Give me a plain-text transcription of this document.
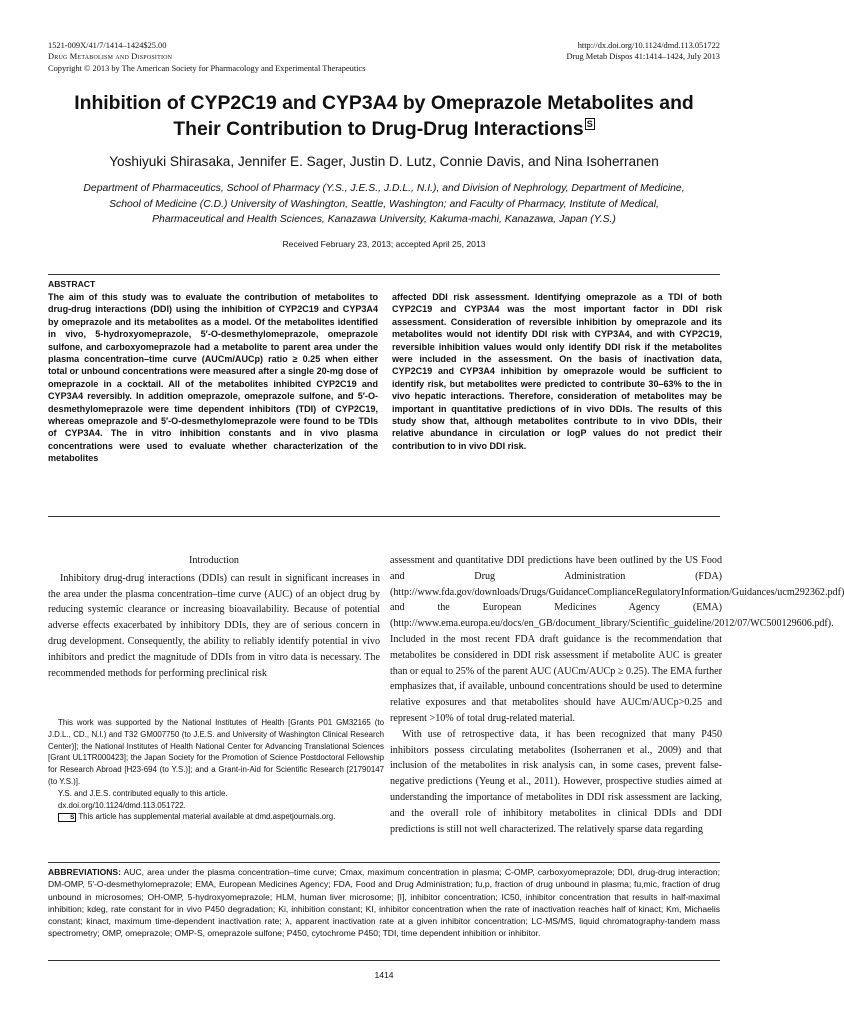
1521-009X/41/7/1414–1424$25.00
Drug Metabolism and Disposition
Copyright © 2013 by The American Society for Pharmacology and Experimental Therapeutics
http://dx.doi.org/10.1124/dmd.113.051722
Drug Metab Dispos 41:1414–1424, July 2013
Inhibition of CYP2C19 and CYP3A4 by Omeprazole Metabolites and
Their Contribution to Drug-Drug Interactions S
Yoshiyuki Shirasaka, Jennifer E. Sager, Justin D. Lutz, Connie Davis, and Nina Isoherranen
Department of Pharmaceutics, School of Pharmacy (Y.S., J.E.S., J.D.L., N.I.), and Division of Nephrology, Department of Medicine,
School of Medicine (C.D.) University of Washington, Seattle, Washington; and Faculty of Pharmacy, Institute of Medical,
Pharmaceutical and Health Sciences, Kanazawa University, Kakuma-machi, Kanazawa, Japan (Y.S.)
Received February 23, 2013; accepted April 25, 2013
ABSTRACT
The aim of this study was to evaluate the contribution of metabolites to drug-drug interactions (DDI) using the inhibition of CYP2C19 and CYP3A4 by omeprazole and its metabolites as a model. Of the metabolites identified in vivo, 5-hydroxyomeprazole, 5′-O-desmethylomeprazole, omeprazole sulfone, and carboxyomeprazole had a metabolite to parent area under the plasma concentration–time curve (AUCm/AUCp) ratio ≥ 0.25 when either total or unbound concentrations were measured after a single 20-mg dose of omeprazole in a cocktail. All of the metabolites inhibited CYP2C19 and CYP3A4 reversibly. In addition omeprazole, omeprazole sulfone, and 5′-O-desmethylomeprazole were time dependent inhibitors (TDI) of CYP2C19, whereas omeprazole and 5′-O-desmethylomeprazole were found to be TDIs of CYP3A4. The in vitro inhibition constants and in vivo plasma concentrations were used to evaluate whether characterization of the metabolites
affected DDI risk assessment. Identifying omeprazole as a TDI of both CYP2C19 and CYP3A4 was the most important factor in DDI risk assessment. Consideration of reversible inhibition by omeprazole and its metabolites would not identify DDI risk with CYP3A4, and with CYP2C19, reversible inhibition values would only identify DDI risk if the metabolites were included in the assessment. On the basis of inactivation data, CYP2C19 and CYP3A4 inhibition by omeprazole would be sufficient to identify risk, but metabolites were predicted to contribute 30–63% to the in vivo hepatic interactions. Therefore, consideration of metabolites may be important in quantitative predictions of in vivo DDIs. The results of this study show that, although metabolites contribute to in vivo DDIs, their relative abundance in circulation or logP values do not predict their contribution to in vivo DDI risk.
Introduction
Inhibitory drug-drug interactions (DDIs) can result in significant increases in the area under the plasma concentration–time curve (AUC) of an object drug by reducing systemic clearance or increasing bioavailability. Because of potential adverse effects exacerbated by inhibitory DDIs, they are of serious concern in drug development. Consequently, the ability to reliably identify potential in vivo inhibitors and predict the magnitude of DDIs from in vitro data is necessary. The recommended methods for performing preclinical risk
assessment and quantitative DDI predictions have been outlined by the US Food and Drug Administration (FDA) (http://www.fda.gov/downloads/Drugs/GuidanceComplianceRegulatoryInformation/Guidances/ucm292362.pdf) and the European Medicines Agency (EMA) (http://www.ema.europa.eu/docs/en_GB/document_library/Scientific_guideline/2012/07/WC500129606.pdf). Included in the most recent FDA draft guidance is the recommendation that metabolites be considered in DDI risk assessment if metabolite AUC is greater than or equal to 25% of the parent AUC (AUCm/AUCp ≥ 0.25). The EMA further emphasizes that, if available, unbound concentrations should be used to determine relative exposures and that metabolites should have AUCm/AUCp>0.25 and represent >10% of total drug-related material.
With use of retrospective data, it has been recognized that many P450 inhibitors possess circulating metabolites (Isoherranen et al., 2009) and that inclusion of the metabolites in risk analysis can, in some cases, prevent false-negative predictions (Yeung et al., 2011). However, prospective studies aimed at understanding the importance of metabolites in DDI risk assessment are lacking, and the overall role of inhibitory metabolites in clinical DDIs and DDI predictions is still not well characterized. The relatively sparse data regarding

This work was supported by the National Institutes of Health [Grants P01 GM32165 (to J.D.L., CD., N.I.) and T32 GM007750 (to J.E.S. and University of Washington Clinical Research Center)]; the National Institutes of Health National Center for Advancing Translational Sciences [Grant UL1TR000423]; the Japan Society for the Promotion of Science Postdoctoral Fellowship for Research Abroad [H23-694 (to Y.S.)]; and a Grant-in-Aid for Scientific Research [21790147 (to Y.S.)].

Y.S. and J.E.S. contributed equally to this article.

dx.doi.org/10.1124/dmd.113.051722.

S This article has supplemental material available at dmd.aspetjournals.org.

ABBREVIATIONS: AUC, area under the plasma concentration–time curve; Cmax, maximum concentration in plasma; C-OMP, carboxyomeprazole; DDI, drug-drug interaction; DM-OMP, 5′-O-desmethylomeprazole; EMA, European Medicines Agency; FDA, Food and Drug Administration; fu,p, fraction of drug unbound in plasma; fu,mic, fraction of drug unbound in microsomes; OH-OMP, 5-hydroxyomeprazole; HLM, human liver microsome; [I], inhibitor concentration; IC50, inhibitor concentration that results in half-maximal inhibition; kdeg, rate constant for in vivo P450 degradation; Ki, inhibition constant; KI, inhibitor concentration when the rate of inactivation reaches half of kinact; Km, Michaelis constant; kinact, maximum time-dependent inactivation rate; λ, apparent inactivation rate at a given inhibitor concentration; LC-MS/MS, liquid chromatography-tandem mass spectrometry; OMP, omeprazole; OMP-S, omeprazole sulfone; P450, cytochrome P450; TDI, time dependent inhibition or inhibitor.
1414
